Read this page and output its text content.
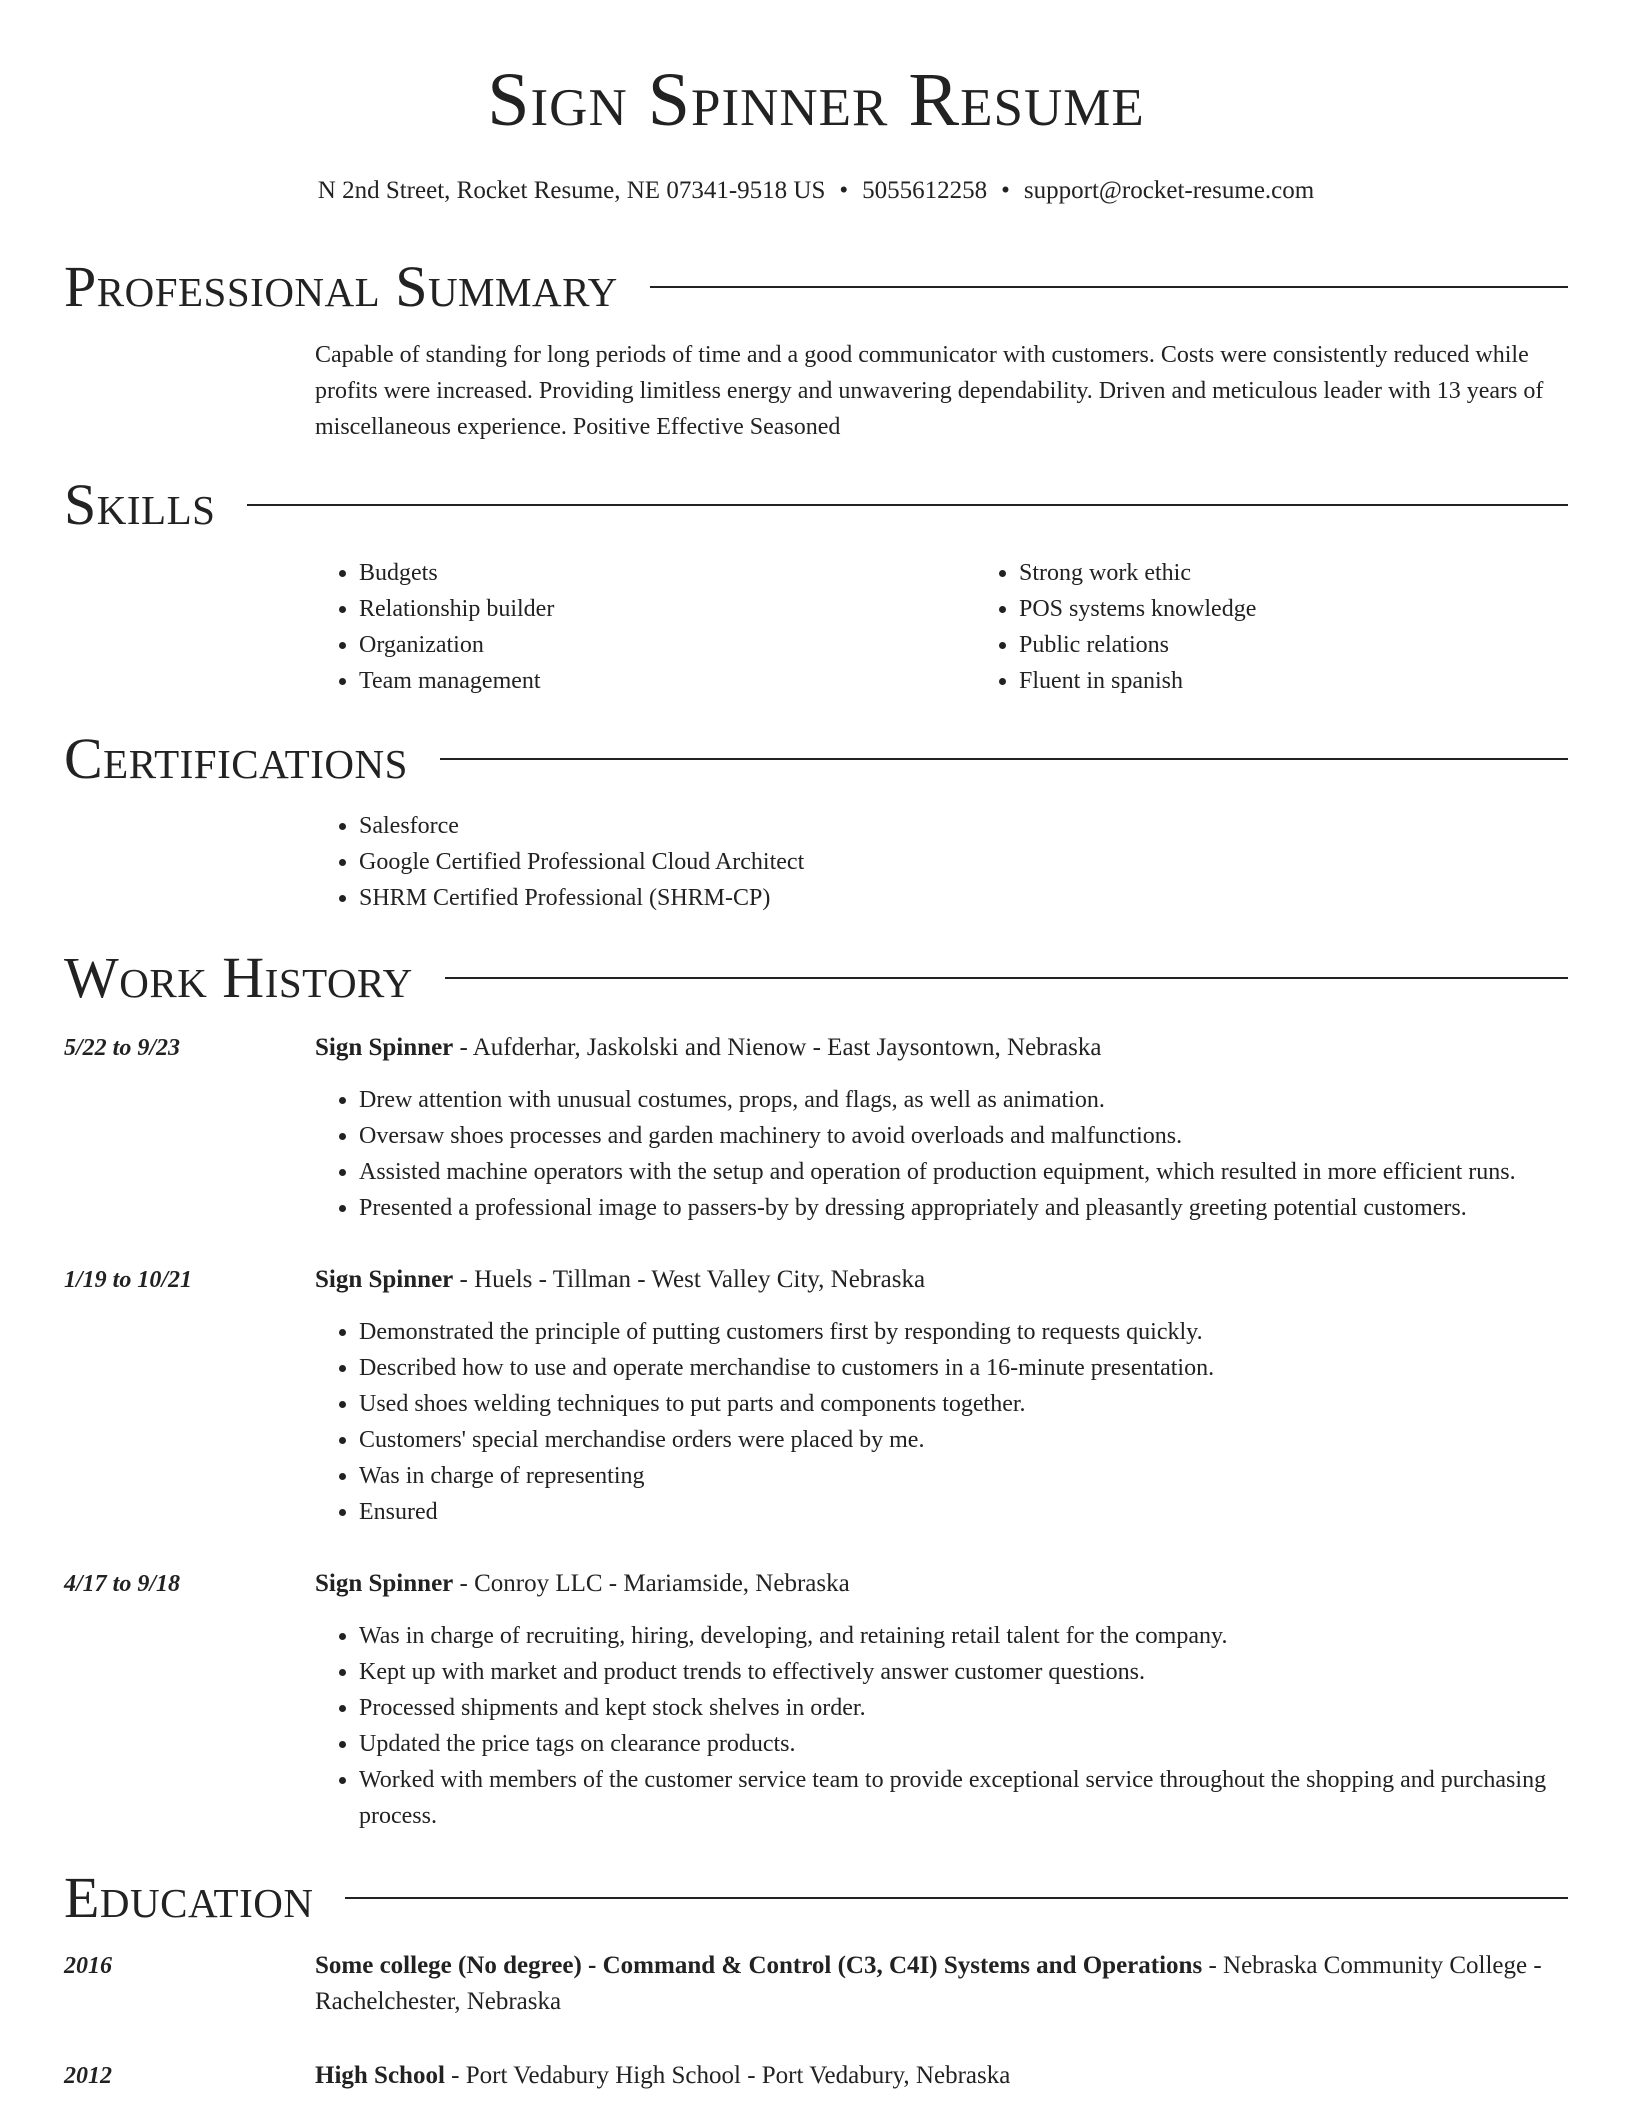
Sign Spinner Resume
N 2nd Street, Rocket Resume, NE 07341-9518 US • 5055612258 • support@rocket-resume.com
Professional Summary

Capable of standing for long periods of time and a good communicator with customers. Costs were consistently reduced while profits were increased. Providing limitless energy and unwavering dependability. Driven and meticulous leader with 13 years of miscellaneous experience. Positive Effective Seasoned

Skills
• Budgets
• Relationship builder
• Organization
• Team management
• Strong work ethic
• POS systems knowledge
• Public relations
• Fluent in spanish
Certifications
• Salesforce
• Google Certified Professional Cloud Architect
• SHRM Certified Professional (SHRM-CP)
Work History
5/22 to 9/23	Sign Spinner - Aufderhar, Jaskolski and Nienow - East Jaysontown, Nebraska
• Drew attention with unusual costumes, props, and flags, as well as animation.
• Oversaw shoes processes and garden machinery to avoid overloads and malfunctions.
• Assisted machine operators with the setup and operation of production equipment, which resulted in more efficient runs.
• Presented a professional image to passers-by by dressing appropriately and pleasantly greeting potential customers.
1/19 to 10/21	Sign Spinner - Huels - Tillman - West Valley City, Nebraska
• Demonstrated the principle of putting customers first by responding to requests quickly.
• Described how to use and operate merchandise to customers in a 16-minute presentation.
• Used shoes welding techniques to put parts and components together.
• Customers' special merchandise orders were placed by me.
• Was in charge of representing
• Ensured
4/17 to 9/18	Sign Spinner - Conroy LLC - Mariamside, Nebraska
• Was in charge of recruiting, hiring, developing, and retaining retail talent for the company.
• Kept up with market and product trends to effectively answer customer questions.
• Processed shipments and kept stock shelves in order.
• Updated the price tags on clearance products.
• Worked with members of the customer service team to provide exceptional service throughout the shopping and purchasing process.
Education
2016	Some college (No degree) - Command & Control (C3, C4I) Systems and Operations - Nebraska Community College - Rachelchester, Nebraska
2012	High School - Port Vedabury High School - Port Vedabury, Nebraska
